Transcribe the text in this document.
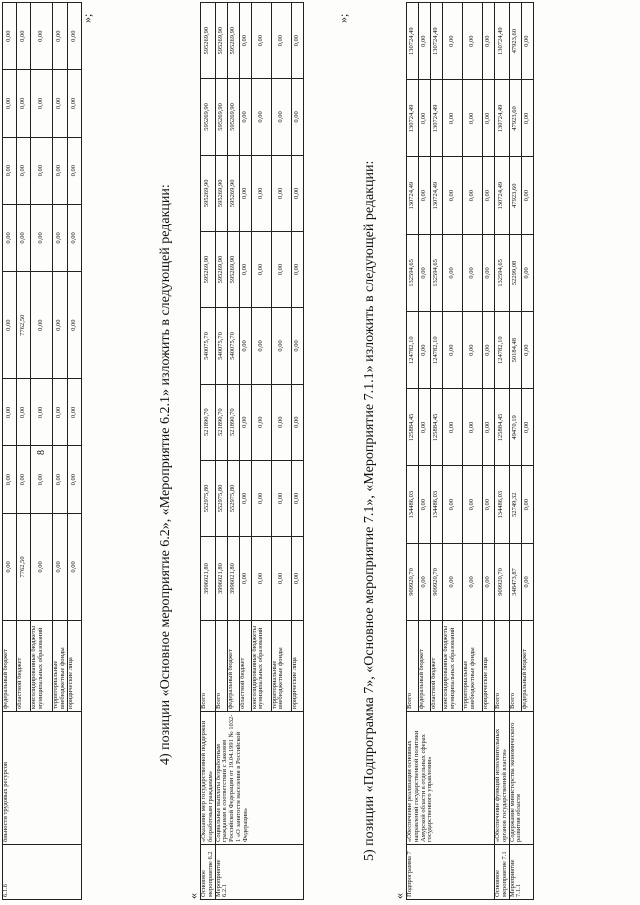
8
6.1.6	биьности трудовых ресурсов	федеральный бюджет	0,00	0,00	0,00	0,00	0,00	0,00	0,00	0,00
		областной бюджет	7762,50	0,00	0,00	7762,50	0,00	0,00	0,00	0,00
		консолидированные бюджеты муниципальных образований	0,00	0,00	0,00	0,00	0,00	0,00	0,00	0,00
		территориальные внебюджетные фонды	0,00	0,00	0,00	0,00	0,00	0,00	0,00	0,00
		юридические лица	0,00	0,00	0,00	0,00	0,00	0,00	0,00	0,00
»;
4) позиции «Основное мероприятие 6.2», «Мероприятие 6.2.1» изложить в следующей редакции:
« Основное мероприятие 6.2	«Оказание мер государственной поддержки безработным гражданам»	Всего	3996021,80	552975,80	521890,70	540075,70	595269,90	595269,90	595269,90	595269,90
Мероприятие 6.2.1	Социальные выплаты безработным гражданам в соответствии с Законом Российской Федерации от 19.04.1991 № 1032-1 «О занятости населения в Российской Федерации»	Всего	3996021,80	552975,80	521890,70	540075,70	595269,90	595269,90	595269,90	595269,90
		федеральный бюджет	3996021,80	552975,80	521890,70	540075,70	595269,90	595269,90	595269,90	595269,90
		областной бюджет	0,00	0,00	0,00	0,00	0,00	0,00	0,00	0,00
		консолидированные бюджеты муниципальных образований	0,00	0,00	0,00	0,00	0,00	0,00	0,00	0,00
		территориальные внебюджетные фонды	0,00	0,00	0,00	0,00	0,00	0,00	0,00	0,00
		юридические лица	0,00	0,00	0,00	0,00	0,00	0,00	0,00	0,00
»;
5) позиции «Подпрограмма 7», «Основное мероприятие 7.1», «Мероприятие 7.1.1» изложить в следующей редакции:
« Подпрограмма 7	«Обеспечение реализации основных направлений государственной политики Амурской области в отдельных сферах государственного управления»	Всего	909920,70	134486,03	125884,45	124782,10	132594,65	130724,49	130724,49	130724,49
		федеральный бюджет	0,00	0,00	0,00	0,00	0,00	0,00	0,00	0,00
		областной бюджет	909920,70	134486,03	125884,45	124782,10	132594,65	130724,49	130724,49	130724,49
		консолидированные бюджеты муниципальных образований	0,00	0,00	0,00	0,00	0,00	0,00	0,00	0,00
		территориальные внебюджетные фонды	0,00	0,00	0,00	0,00	0,00	0,00	0,00	0,00
		юридические лица	0,00	0,00	0,00	0,00	0,00	0,00	0,00	0,00
Основное мероприятие 7.1	«Обеспечение функций исполнительных органов государственной власти»	Всего	909920,70	134486,03	125884,45	124782,10	132594,65	130724,49	130724,49	130724,49
Мероприятие 7.1.1	Содержание министерства экономического развития области	Всего	348473,87	52749,32	49470,19	50184,48	52299,08	47923,60	47923,60	47923,60
		федеральный бюджет	0,00	0,00	0,00	0,00	0,00	0,00	0,00	0,00
